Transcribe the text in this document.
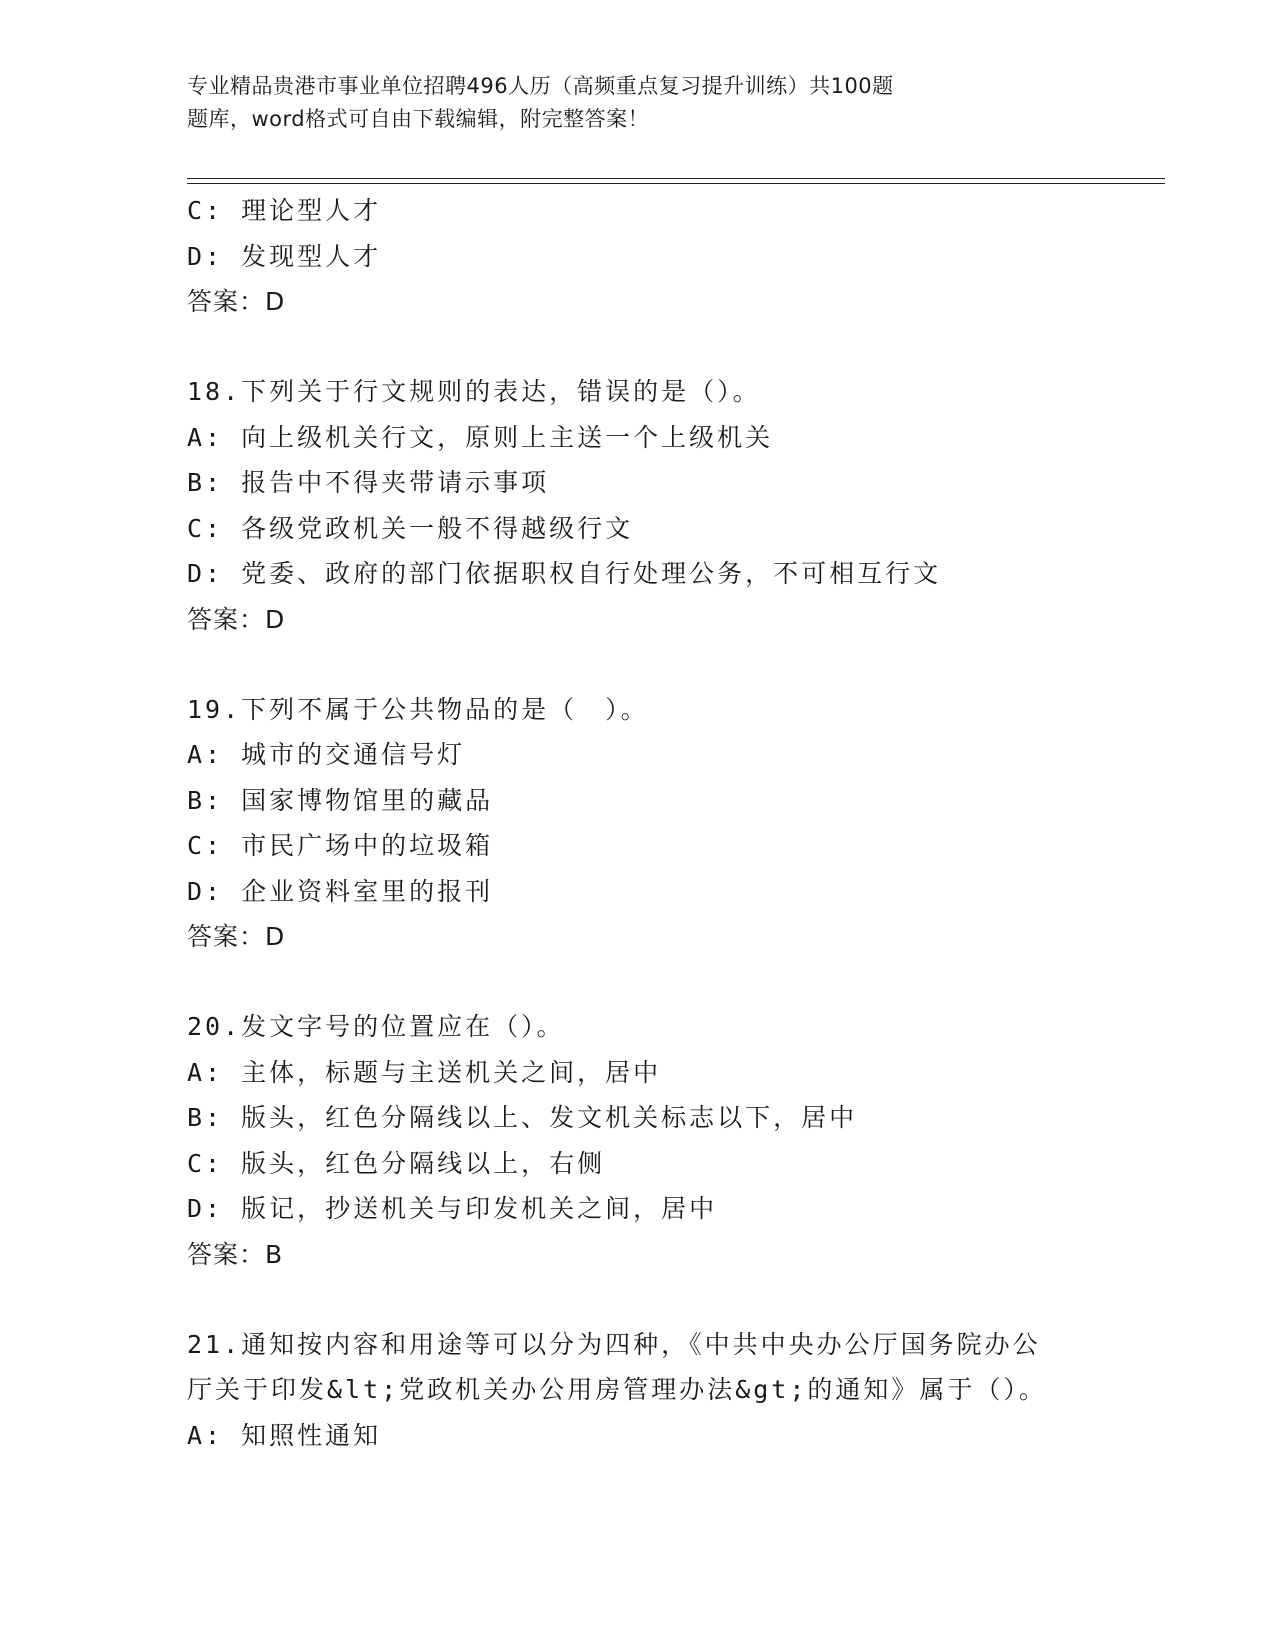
专业精品贵港市事业单位招聘496人历（高频重点复习提升训练）共100题
题库，word格式可自由下载编辑，附完整答案！
C: 理论型人才
D: 发现型人才
答案：D
18.下列关于行文规则的表达，错误的是（）。
A: 向上级机关行文，原则上主送一个上级机关
B: 报告中不得夹带请示事项
C: 各级党政机关一般不得越级行文
D: 党委、政府的部门依据职权自行处理公务，不可相互行文
答案：D
19.下列不属于公共物品的是（　）。
A: 城市的交通信号灯
B: 国家博物馆里的藏品
C: 市民广场中的垃圾箱
D: 企业资料室里的报刊
答案：D
20.发文字号的位置应在（）。
A: 主体，标题与主送机关之间，居中
B: 版头，红色分隔线以上、发文机关标志以下，居中
C: 版头，红色分隔线以上，右侧
D: 版记，抄送机关与印发机关之间，居中
答案：B
21.通知按内容和用途等可以分为四种，《中共中央办公厅国务院办公
厅关于印发&lt;党政机关办公用房管理办法&gt;的通知》属于（）。
A: 知照性通知
